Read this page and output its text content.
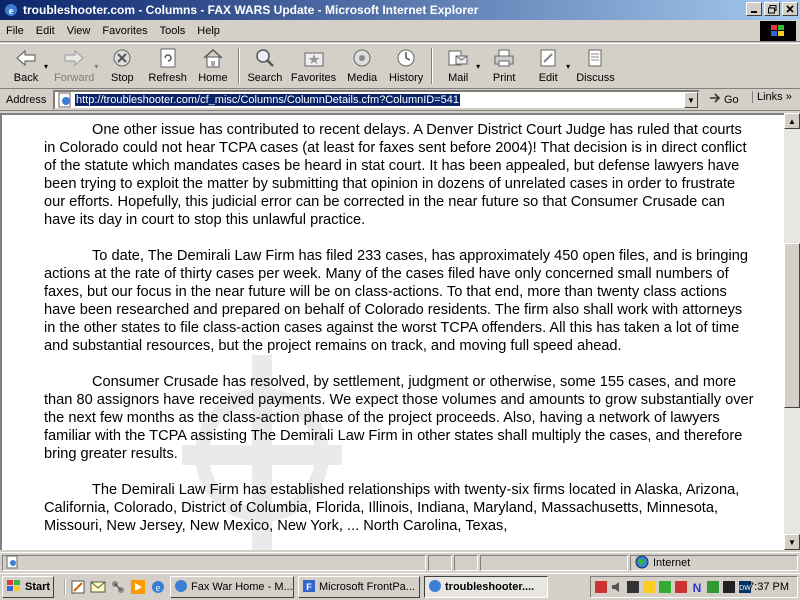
e troubleshooter.com - Columns - FAX WARS Update - Microsoft Internet Explorer
File	Edit	View	Favorites	Tools	Help
Back
▾
Forward
▾
Stop Refresh Home Search Favorites Media History Mail
▾
Print Edit
▾
Discuss
Address	http://troubleshooter.com/cf_misc/Columns/ColumnDetails.cfm?ColumnID=541	▼	Go	Links »

One other issue has contributed to recent delays. A Denver District Court Judge has ruled that courts in Colorado could not hear TCPA cases (at least for faxes sent before 2004)! That decision is in direct conflict of the statute which mandates cases be heard in stat court. It has been appealed, but defense lawyers have been trying to exploit the matter by submitting that opinion in dozens of unrelated cases in order to frustrate our efforts. Hopefully, this judicial error can be corrected in the near future so that Consumer Crusade can have its day in court to stop this unlawful practice.

To date, The Demirali Law Firm has filed 233 cases, has approximately 450 open files, and is bringing actions at the rate of thirty cases per week. Many of the cases filed have only concerned small numbers of faxes, but our focus in the near future will be on class-actions. To that end, more than twenty class actions have been researched and prepared on behalf of Colorado residents. The firm also shall work with attorneys in the other states to file class-action cases against the worst TCPA offenders. All this has taken a lot of time and substantial resources, but the project remains on track, and moving full speed ahead.

Consumer Crusade has resolved, by settlement, judgment or otherwise, some 155 cases, and more than 80 assignors have received payments. We expect those volumes and amounts to grow substantially over the next few months as the class-action phase of the project proceeds. Also, having a network of lawyers familiar with the TCPA assisting The Demirali Law Firm in other states shall multiply the cases, and therefore bring greater results.

The Demirali Law Firm has established relationships with twenty-six firms located in Alaska, Arizona, California, Colorado, District of Columbia, Florida, Illinois, Indiana, Maryland, Massachusetts, Minnesota, Missouri, New Jersey, New Mexico, New York, ... North Carolina, Texas,

▲
▼
Internet
Start	e	Fax War Home - M... F Microsoft FrontPa...	troubleshooter....	N	DW
7:37 PM
